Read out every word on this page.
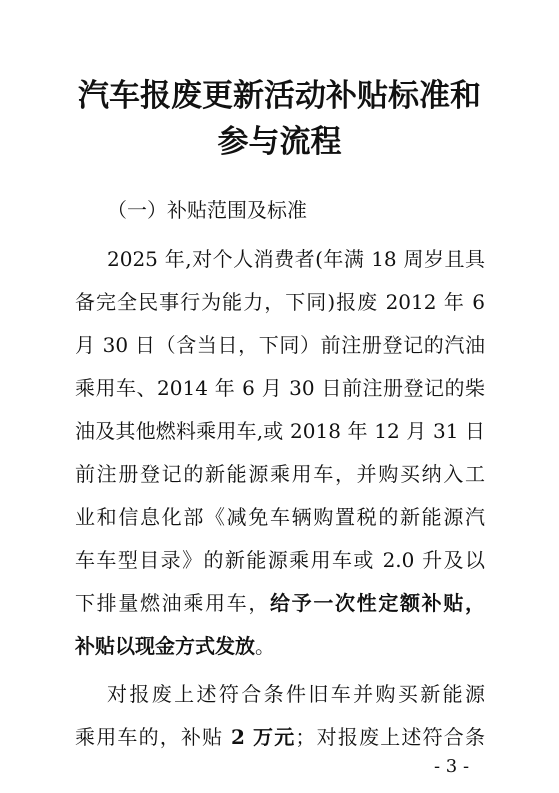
汽车报废更新活动补贴标准和
参与流程
（一）补贴范围及标准
2025 年,对个人消费者(年满 18 周岁且具
备完全民事行为能力，下同)报废 2012 年 6
月 30 日（含当日，下同）前注册登记的汽油
乘用车、2014 年 6 月 30 日前注册登记的柴
油及其他燃料乘用车,或 2018 年 12 月 31 日
前注册登记的新能源乘用车，并购买纳入工
业和信息化部《减免车辆购置税的新能源汽
车车型目录》的新能源乘用车或 2.0 升及以
下排量燃油乘用车，给予一次性定额补贴，
补贴以现金方式发放。
对报废上述符合条件旧车并购买新能源
乘用车的，补贴 2 万元；对报废上述符合条
- 3 -
